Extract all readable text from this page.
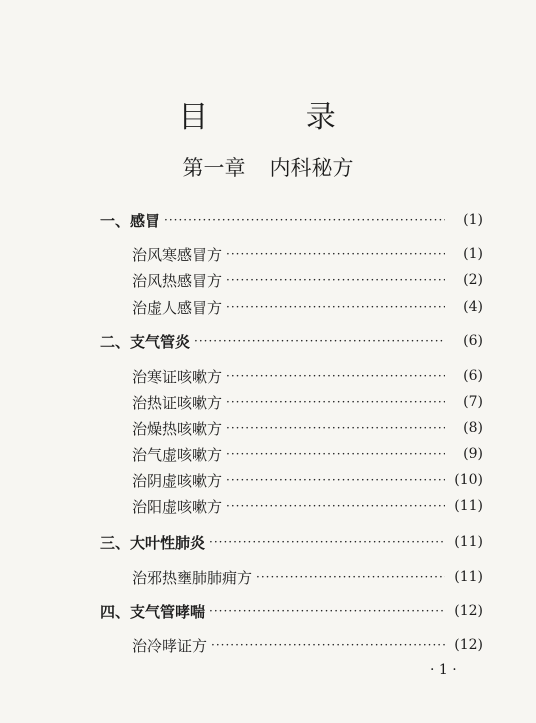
目 录
第一章 内科秘方
一、感冒 ·····	(1)
治风寒感冒方 ·····	(1)
治风热感冒方 ·····	(2)
治虚人感冒方 ·····	(4)
二、支气管炎 ·····	(6)
治寒证咳嗽方 ·····	(6)
治热证咳嗽方 ·····	(7)
治燥热咳嗽方 ·····	(8)
治气虚咳嗽方 ·····	(9)
治阴虚咳嗽方 ·····	(10)
治阳虚咳嗽方 ·····	(11)
三、大叶性肺炎 ·····	(11)
治邪热壅肺肺痈方 ·····	(11)
四、支气管哮喘 ·····	(12)
治冷哮证方 ·····	(12)
· 1 ·
